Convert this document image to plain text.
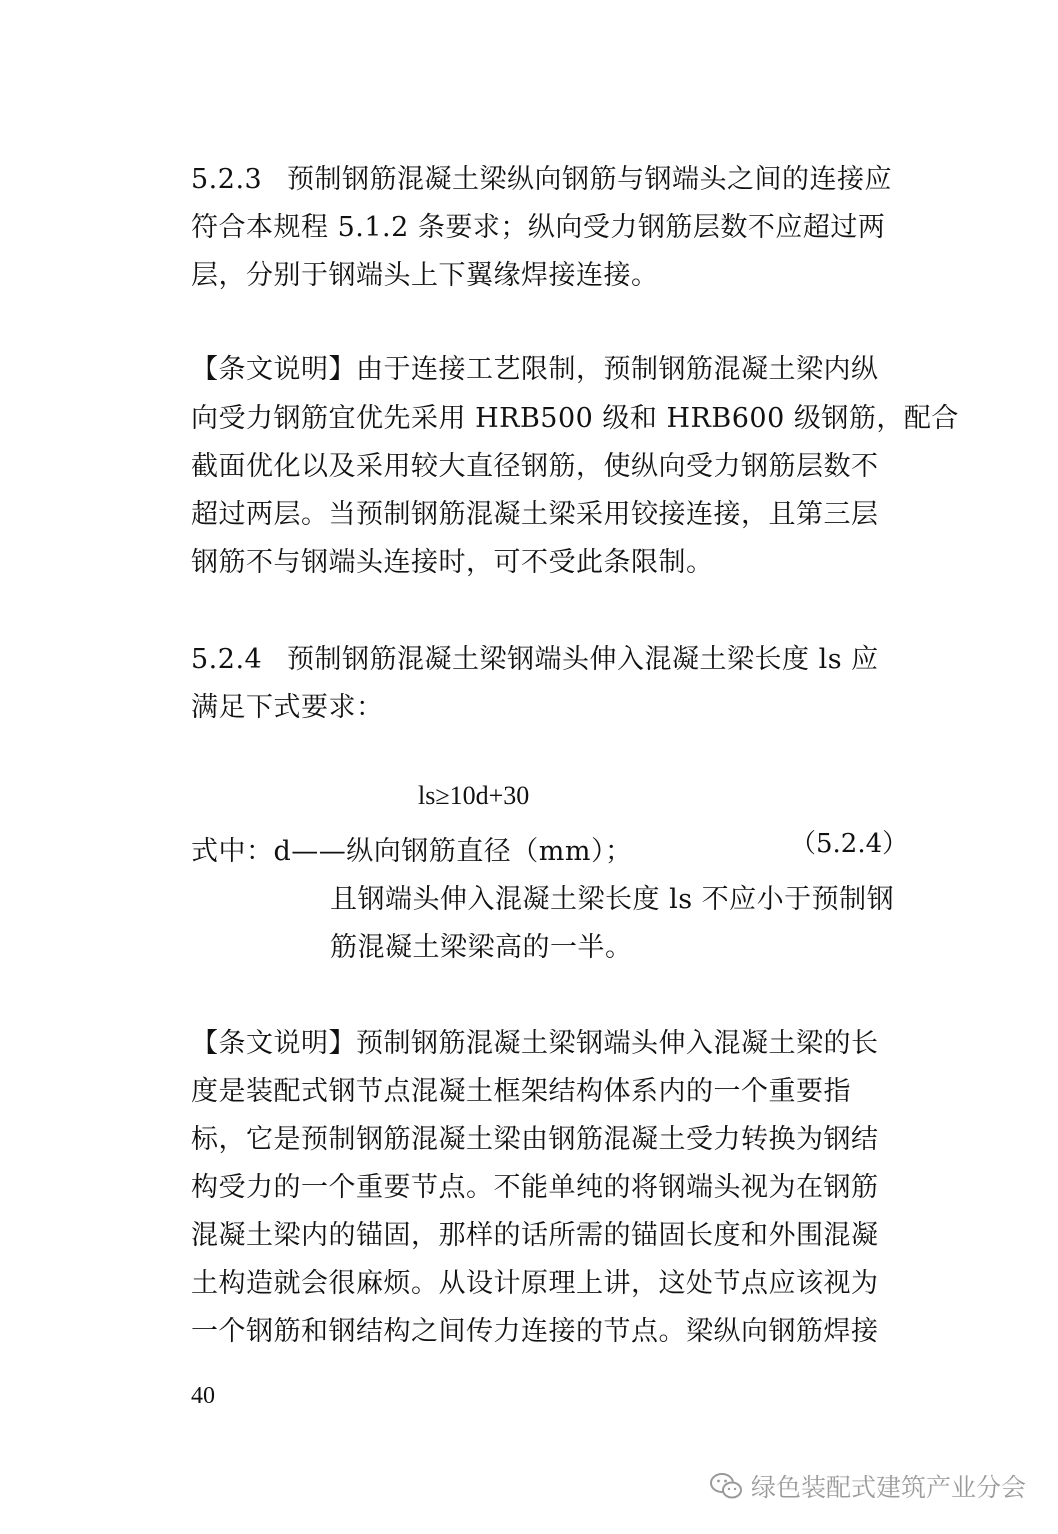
5.2.3 预制钢筋混凝土梁纵向钢筋与钢端头之间的连接应
符合本规程 5.1.2 条要求；纵向受力钢筋层数不应超过两
层，分别于钢端头上下翼缘焊接连接。
【条文说明】由于连接工艺限制，预制钢筋混凝土梁内纵
向受力钢筋宜优先采用 HRB500 级和 HRB600 级钢筋，配合
截面优化以及采用较大直径钢筋，使纵向受力钢筋层数不
超过两层。当预制钢筋混凝土梁采用铰接连接，且第三层
钢筋不与钢端头连接时，可不受此条限制。
5.2.4 预制钢筋混凝土梁钢端头伸入混凝土梁长度 ls 应
满足下式要求：
ls≥10d+30
（5.2.4）
式中：d——纵向钢筋直径（mm）；
且钢端头伸入混凝土梁长度 ls 不应小于预制钢
筋混凝土梁梁高的一半。
【条文说明】预制钢筋混凝土梁钢端头伸入混凝土梁的长
度是装配式钢节点混凝土框架结构体系内的一个重要指
标，它是预制钢筋混凝土梁由钢筋混凝土受力转换为钢结
构受力的一个重要节点。不能单纯的将钢端头视为在钢筋
混凝土梁内的锚固，那样的话所需的锚固长度和外围混凝
土构造就会很麻烦。从设计原理上讲，这处节点应该视为
一个钢筋和钢结构之间传力连接的节点。梁纵向钢筋焊接
40
绿色装配式建筑产业分会
